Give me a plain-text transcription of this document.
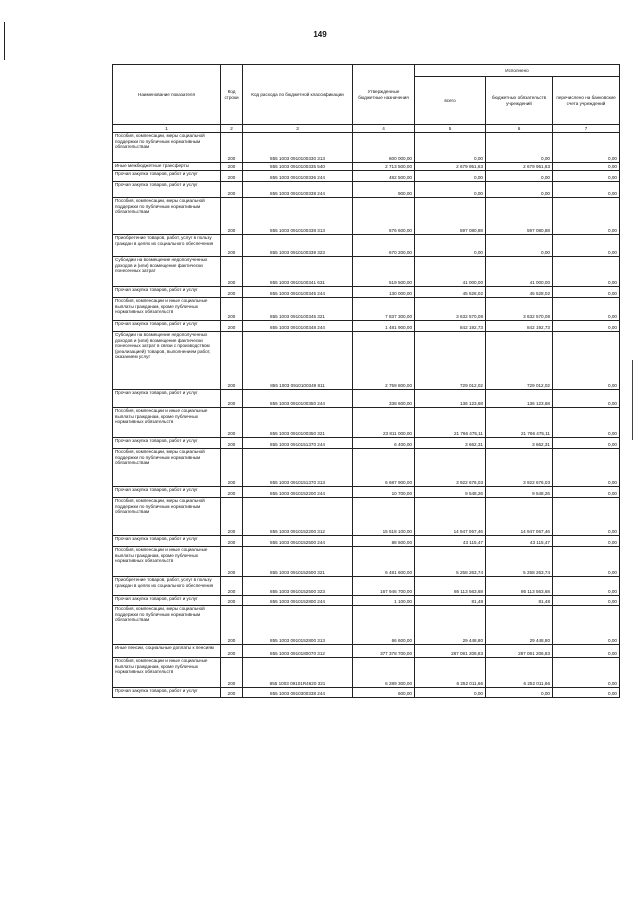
149
Наименование показателя	Код строки	Код расхода по бюджетной классификации	Утвержденные бюджетные назначения	Исполнено		
				всего	бюджетных обязательств учреждений	перечислено на банковские счета учреждений
1	2	3	4	5	6	7
Пособия, компенсации, меры социальной поддержки по публичным нормативным обязательствам	200	855 1003 0910100330 313	600 000,00	0,00	0,00	0,00
Иные межбюджетные трансферты	200	855 1003 0910100335 540	2 713 500,00	2 679 951,63	2 679 951,63	0,00
Прочая закупка товаров, работ и услуг	200	855 1003 0910100336 244	482 500,00	0,00	0,00	0,00
Прочая закупка товаров, работ и услуг	200	855 1003 0910100338 244	900,00	0,00	0,00	0,00
Пособия, компенсации, меры социальной поддержки по публичным нормативным обязательствам	200	855 1003 0910100338 313	676 600,00	597 080,88	597 080,88	0,00
Приобретение товаров, работ, услуг в пользу граждан в целях их социального обеспечения	200	855 1003 0910100339 323	670 200,00	0,00	0,00	0,00
Субсидии на возмещение недополученных доходов и (или) возмещение фактически понесенных затрат	200	855 1003 0910100341 631	519 500,00	41 000,00	41 000,00	0,00
Прочая закупка товаров, работ и услуг	200	855 1003 0910100345 244	130 000,00	45 528,02	45 528,02	0,00
Пособия, компенсации и иные социальные выплаты гражданам, кроме публичных нормативных обязательств	200	855 1003 0910100345 321	7 837 300,00	3 632 570,08	3 632 570,08	0,00
Прочая закупка товаров, работ и услуг	200	855 1003 0910100348 244	1 481 900,00	842 192,73	842 192,73	0,00
Субсидии на возмещение недополученных доходов и (или) возмещение фактически понесенных затрат в связи с производством (реализацией) товаров, выполнением работ, оказанием услуг	200	855 1003 0910100349 811	2 759 800,00	729 012,02	729 012,02	0,00
Прочая закупка товаров, работ и услуг	200	855 1003 0910100350 244	338 600,00	136 123,68	136 123,68	0,00
Пособия, компенсации и иные социальные выплаты гражданам, кроме публичных нормативных обязательств	200	855 1003 0910100350 321	23 811 000,00	21 766 475,11	21 766 475,11	0,00
Прочая закупка товаров, работ и услуг	200	855 1003 0910151370 244	6 400,00	3 662,31	3 662,31	0,00
Пособия, компенсации, меры социальной поддержки по публичным нормативным обязательствам	200	855 1003 0910151370 313	6 687 900,00	3 922 676,03	3 922 676,03	0,00
Прочая закупка товаров, работ и услуг	200	855 1003 0910152200 244	10 700,00	9 548,26	9 548,26	0,00
Пособия, компенсации, меры социальной поддержки по публичным нормативным обязательствам	200	855 1003 0910152200 312	15 518 100,00	14 947 067,46	14 947 067,46	0,00
Прочая закупка товаров, работ и услуг	200	855 1003 0910152500 244	88 600,00	43 115,47	43 115,47	0,00
Пособия, компенсации и иные социальные выплаты гражданам, кроме публичных нормативных обязательств	200	855 1003 0910152500 321	6 481 600,00	5 258 263,74	5 258 263,74	0,00
Приобретение товаров, работ, услуг в пользу граждан в целях их социального обеспечения	200	855 1003 0910152500 323	167 946 700,00	86 113 563,68	86 113 563,68	0,00
Прочая закупка товаров, работ и услуг	200	855 1003 0910152800 244	1 100,00	81,48	81,48	0,00
Пособия, компенсации, меры социальной поддержки по публичным нормативным обязательствам	200	855 1003 0910152800 313	66 600,00	29 448,80	29 448,80	0,00
Иные пенсии, социальные доплаты к пенсиям	200	855 1003 0910180070 312	377 378 700,00	287 081 206,83	287 081 206,83	0,00
Пособия, компенсации и иные социальные выплаты гражданам, кроме публичных нормативных обязательств	200	855 1003 09101R4620 321	6 289 300,00	6 252 011,66	6 252 011,66	0,00
Прочая закупка товаров, работ и услуг	200	855 1003 0910300338 244	600,00	0,00	0,00	0,00
